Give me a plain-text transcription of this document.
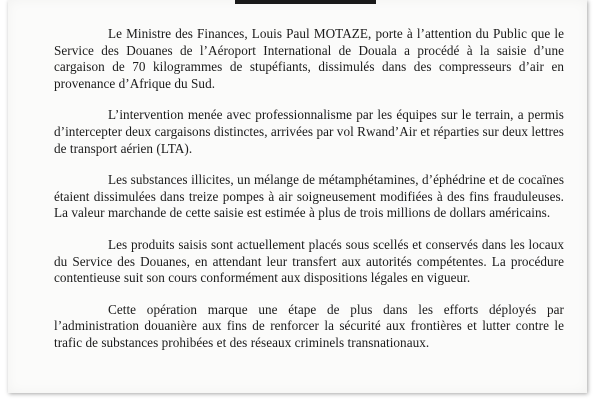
Le Ministre des Finances, Louis Paul MOTAZE, porte à l’attention du Public que le Service des Douanes de l’Aéroport International de Douala a procédé à la saisie d’une cargaison de 70 kilogrammes de stupéfiants, dissimulés dans des compresseurs d’air en provenance d’Afrique du Sud.

L’intervention menée avec professionnalisme par les équipes sur le terrain, a permis d’intercepter deux cargaisons distinctes, arrivées par vol Rwand’Air et réparties sur deux lettres de transport aérien (LTA).

Les substances illicites, un mélange de métamphétamines, d’éphédrine et de cocaïnes étaient dissimulées dans treize pompes à air soigneusement modifiées à des fins frauduleuses. La valeur marchande de cette saisie est estimée à plus de trois millions de dollars américains.

Les produits saisis sont actuellement placés sous scellés et conservés dans les locaux du Service des Douanes, en attendant leur transfert aux autorités compétentes. La procédure contentieuse suit son cours conformément aux dispositions légales en vigueur.

Cette opération marque une étape de plus dans les efforts déployés par l’administration douanière aux fins de renforcer la sécurité aux frontières et lutter contre le trafic de substances prohibées et des réseaux criminels transnationaux.
